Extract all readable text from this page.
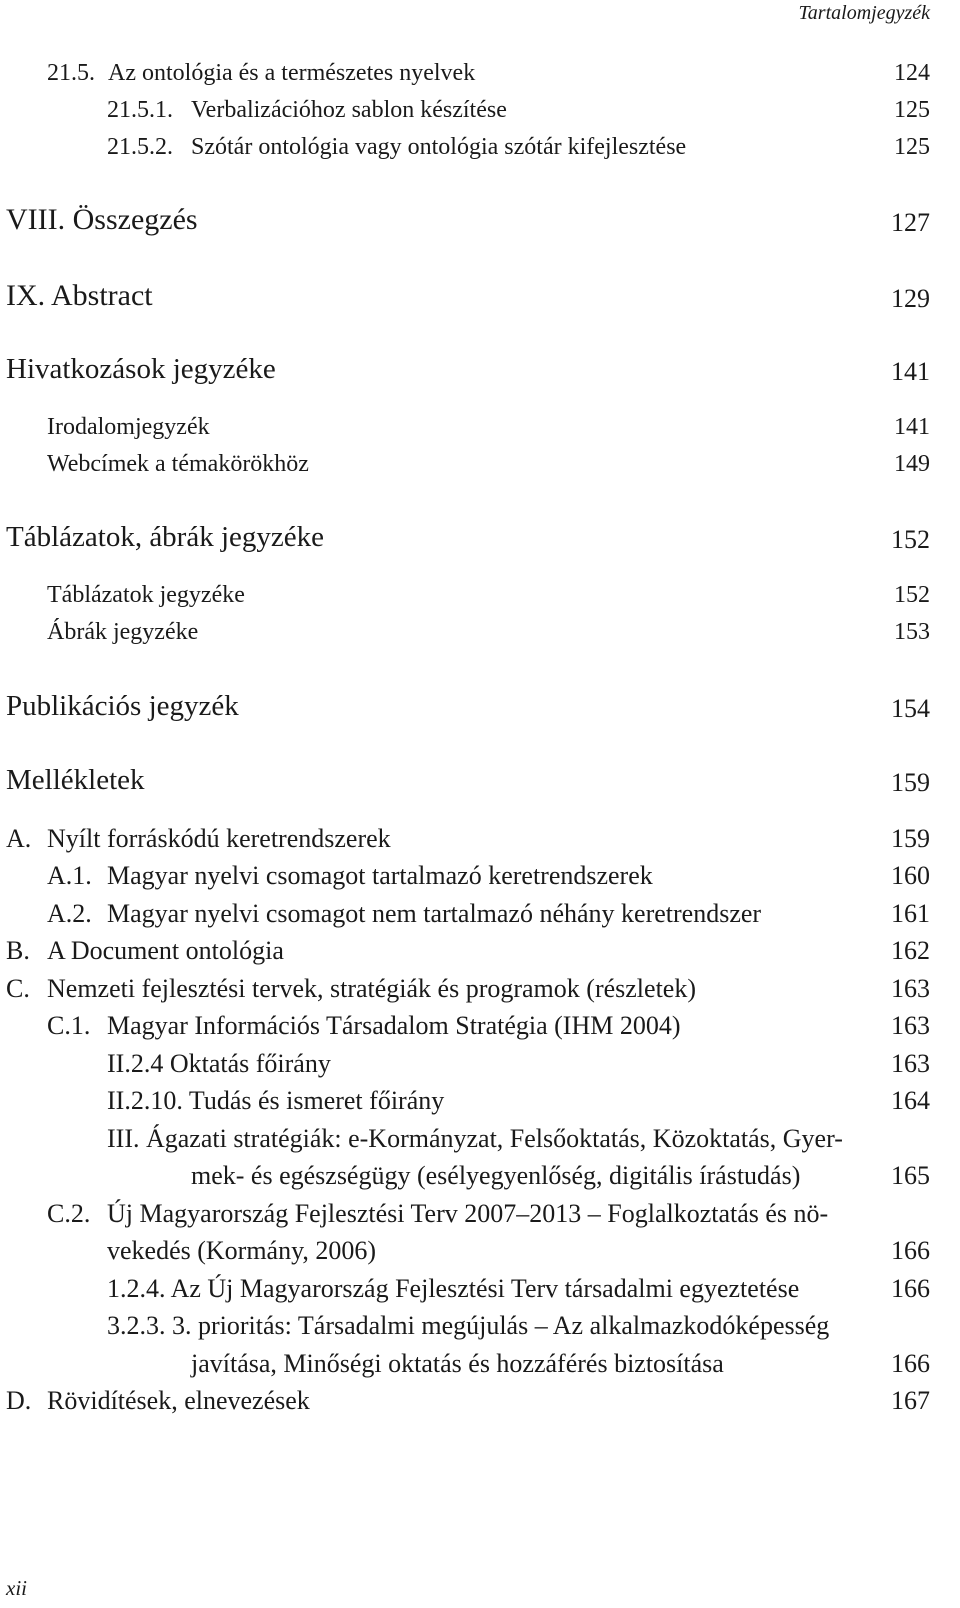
Tartalomjegyzék
21.5. Az ontológia és a természetes nyelvek	124
21.5.1. Verbalizációhoz sablon készítése	125
21.5.2. Szótár ontológia vagy ontológia szótár kifejlesztése	125
VIII. Összegzés	127
IX. Abstract	129
Hivatkozások jegyzéke	141
Irodalomjegyzék	141
Webcímek a témakörökhöz	149
Táblázatok, ábrák jegyzéke	152
Táblázatok jegyzéke	152
Ábrák jegyzéke	153
Publikációs jegyzék	154
Mellékletek	159
A. Nyílt forráskódú keretrendszerek	159
A.1. Magyar nyelvi csomagot tartalmazó keretrendszerek	160
A.2. Magyar nyelvi csomagot nem tartalmazó néhány keretrendszer	161
B. A Document ontológia	162
C. Nemzeti fejlesztési tervek, stratégiák és programok (részletek)	163
C.1. Magyar Információs Társadalom Stratégia (IHM 2004)	163
II.2.4 Oktatás főirány	163
II.2.10. Tudás és ismeret főirány	164
III. Ágazati stratégiák: e-Kormányzat, Felsőoktatás, Közoktatás, Gyer-
mek- és egészségügy (esélyegyenlőség, digitális írástudás)	165
C.2. Új Magyarország Fejlesztési Terv 2007–2013 – Foglalkoztatás és nö-
vekedés (Kormány, 2006)	166
1.2.4. Az Új Magyarország Fejlesztési Terv társadalmi egyeztetése	166
3.2.3. 3. prioritás: Társadalmi megújulás – Az alkalmazkodóképesség
javítása, Minőségi oktatás és hozzáférés biztosítása	166
D. Rövidítések, elnevezések	167
xii
